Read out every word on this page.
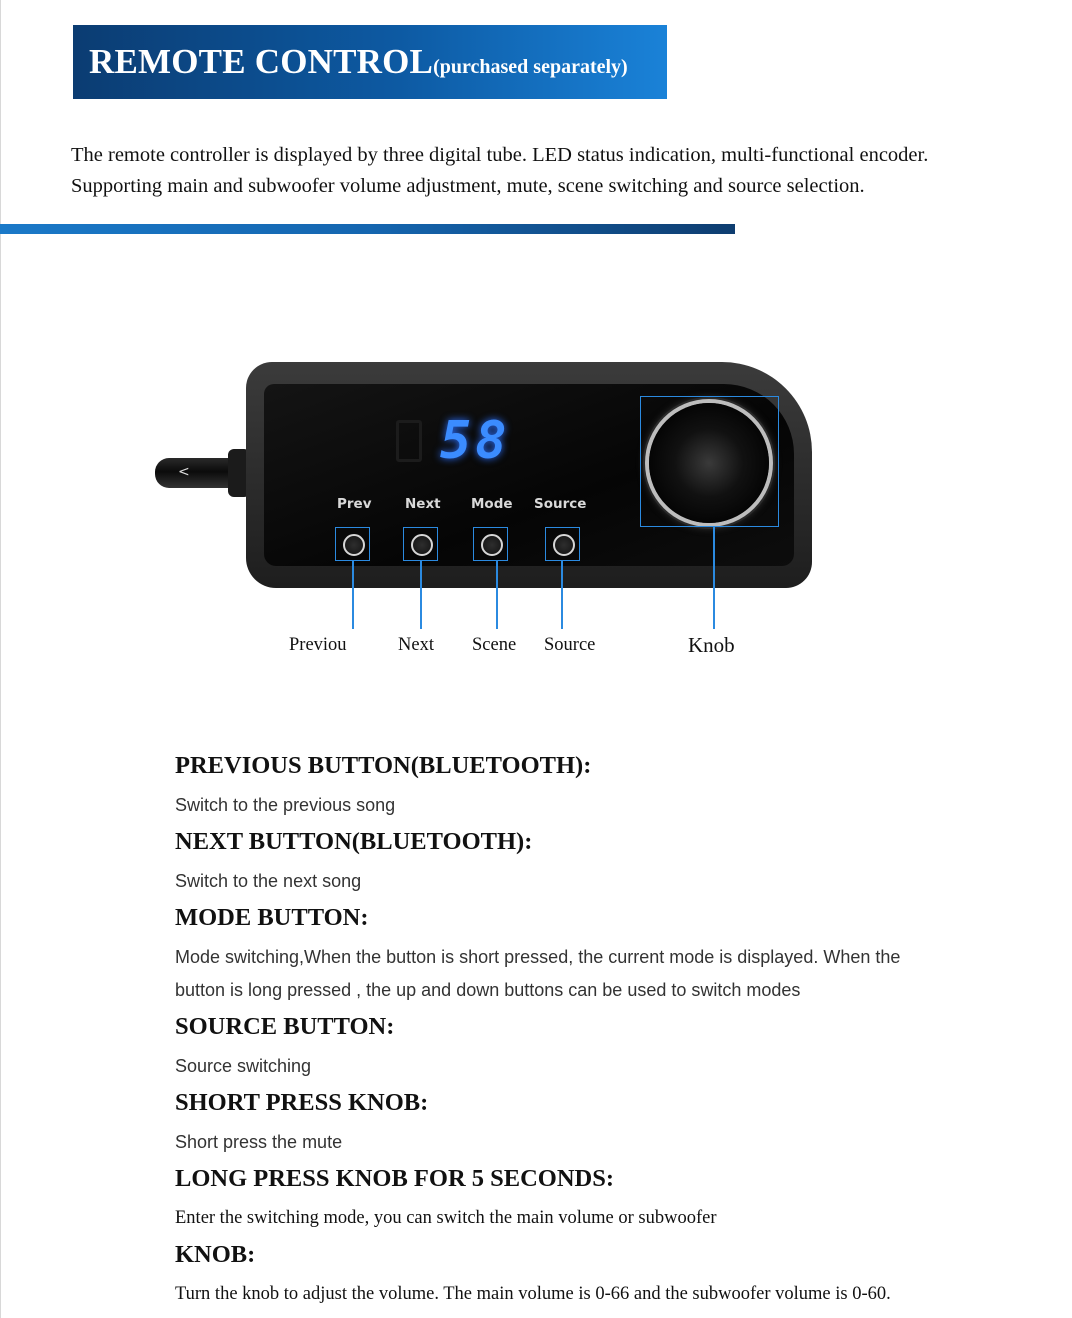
REMOTE CONTROL (purchased separately)
The remote controller is displayed by three digital tube. LED status indication, multi-functional encoder.
Supporting main and subwoofer volume adjustment, mute, scene switching and source selection.
<
58
Prev Next Mode Source
Previou	Next Scene Source	Knob
PREVIOUS BUTTON(BLUETOOTH):
Switch to the previous song
NEXT BUTTON(BLUETOOTH):
Switch to the next song
MODE BUTTON:
Mode switching,When the button is short pressed, the current mode is displayed. When the button is long pressed , the up and down buttons can be used to switch modes
SOURCE BUTTON:
Source switching
SHORT PRESS KNOB:
Short press the mute
LONG PRESS KNOB FOR 5 SECONDS:
Enter the switching mode, you can switch the main volume or subwoofer
KNOB:
Turn the knob to adjust the volume. The main volume is 0-66 and the subwoofer volume is 0-60.
